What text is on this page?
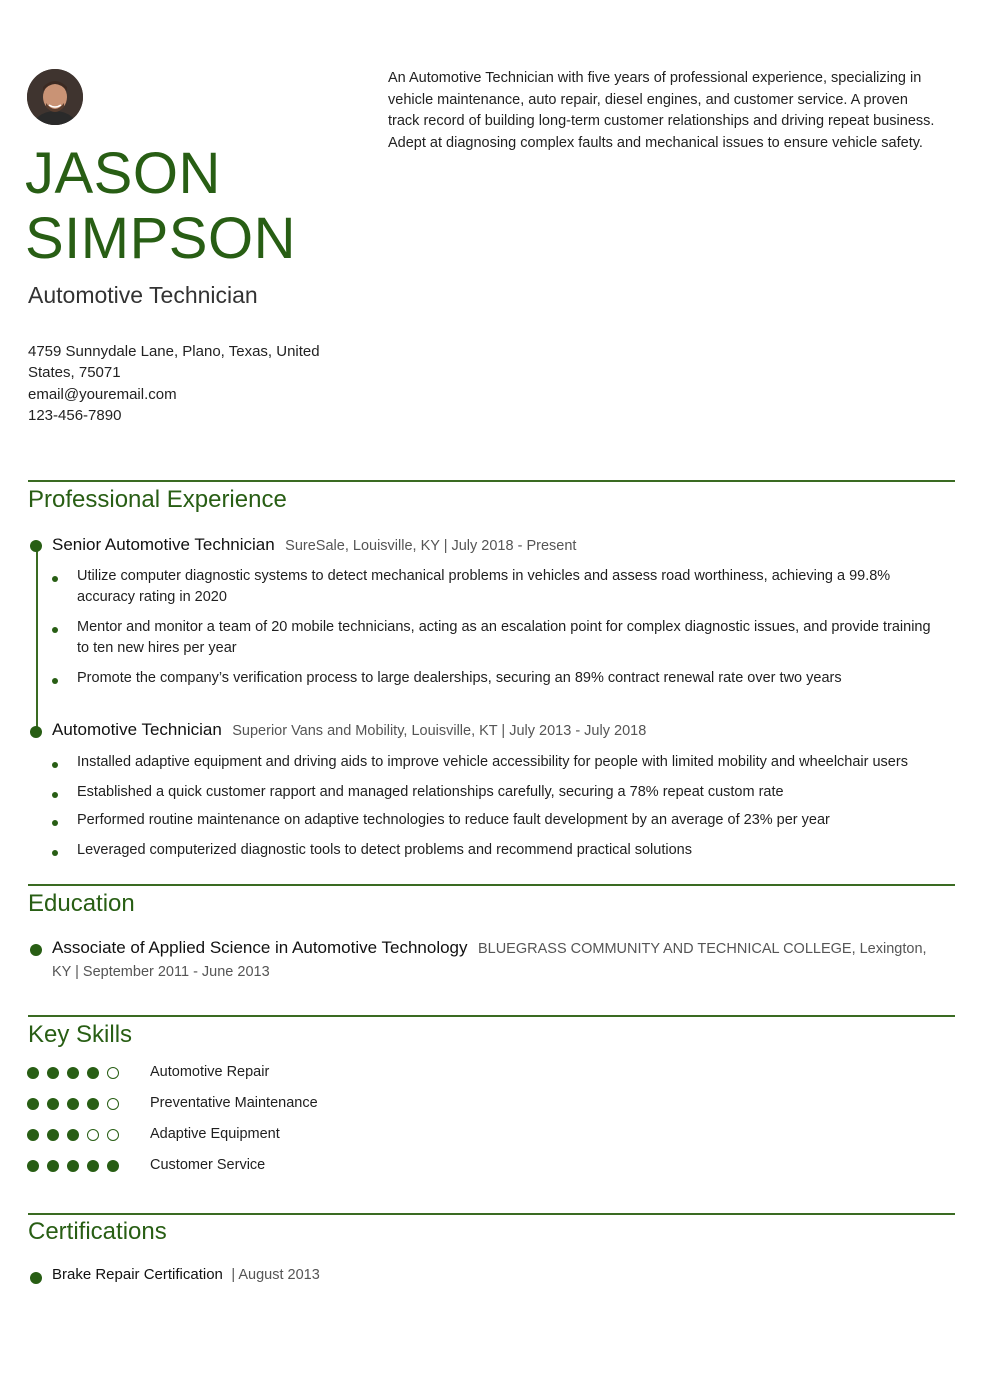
JASON
SIMPSON
Automotive Technician
4759 Sunnydale Lane, Plano, Texas, United
States, 75071
email@youremail.com
123-456-7890
An Automotive Technician with five years of professional experience, specializing in
vehicle maintenance, auto repair, diesel engines, and customer service. A proven
track record of building long-term customer relationships and driving repeat business.
Adept at diagnosing complex faults and mechanical issues to ensure vehicle safety.
Professional Experience
Senior Automotive Technician SureSale, Louisville, KY | July 2018 - Present
Utilize computer diagnostic systems to detect mechanical problems in vehicles and assess road worthiness, achieving a 99.8%
accuracy rating in 2020
Mentor and monitor a team of 20 mobile technicians, acting as an escalation point for complex diagnostic issues, and provide training
to ten new hires per year
Promote the company’s verification process to large dealerships, securing an 89% contract renewal rate over two years
Automotive Technician Superior Vans and Mobility, Louisville, KT | July 2013 - July 2018
Installed adaptive equipment and driving aids to improve vehicle accessibility for people with limited mobility and wheelchair users
Established a quick customer rapport and managed relationships carefully, securing a 78% repeat custom rate
Performed routine maintenance on adaptive technologies to reduce fault development by an average of 23% per year
Leveraged computerized diagnostic tools to detect problems and recommend practical solutions
Education
Associate of Applied Science in Automotive Technology BLUEGRASS COMMUNITY AND TECHNICAL COLLEGE, Lexington,
KY | September 2011 - June 2013
Key Skills
Automotive Repair
Preventative Maintenance
Adaptive Equipment
Customer Service
Certifications
Brake Repair Certification | August 2013
